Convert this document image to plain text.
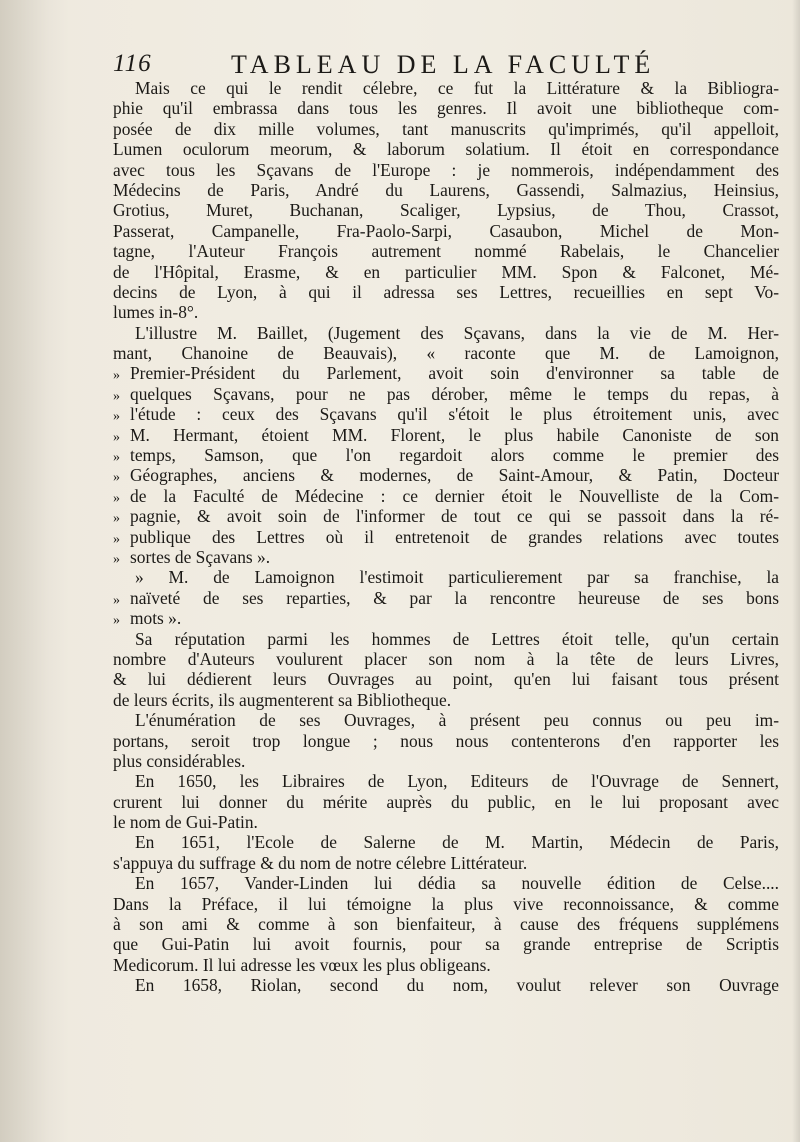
116	TABLEAU DE LA FACULTÉ
Mais ce qui le rendit célebre, ce fut la Littérature & la Bibliogra-
phie qu'il embrassa dans tous les genres. Il avoit une bibliotheque com-
posée de dix mille volumes, tant manuscrits qu'imprimés, qu'il appelloit,
Lumen oculorum meorum, & laborum solatium. Il étoit en correspondance
avec tous les Sçavans de l'Europe : je nommerois, indépendamment des
Médecins de Paris, André du Laurens, Gassendi, Salmazius, Heinsius,
Grotius, Muret, Buchanan, Scaliger, Lypsius, de Thou, Crassot,
Passerat, Campanelle, Fra-Paolo-Sarpi, Casaubon, Michel de Mon-
tagne, l'Auteur François autrement nommé Rabelais, le Chancelier
de l'Hôpital, Erasme, & en particulier MM. Spon & Falconet, Mé-
decins de Lyon, à qui il adressa ses Lettres, recueillies en sept Vo-
lumes in-8°.
L'illustre M. Baillet, (Jugement des Sçavans, dans la vie de M. Her-
mant, Chanoine de Beauvais), « raconte que M. de Lamoignon,
» Premier-Président du Parlement, avoit soin d'environner sa table de
» quelques Sçavans, pour ne pas dérober, même le temps du repas, à
» l'étude : ceux des Sçavans qu'il s'étoit le plus étroitement unis, avec
» M. Hermant, étoient MM. Florent, le plus habile Canoniste de son
» temps, Samson, que l'on regardoit alors comme le premier des
» Géographes, anciens & modernes, de Saint-Amour, & Patin, Docteur
» de la Faculté de Médecine : ce dernier étoit le Nouvelliste de la Com-
» pagnie, & avoit soin de l'informer de tout ce qui se passoit dans la ré-
» publique des Lettres où il entretenoit de grandes relations avec toutes
» sortes de Sçavans ».
» M. de Lamoignon l'estimoit particulierement par sa franchise, la
» naïveté de ses reparties, & par la rencontre heureuse de ses bons
» mots ».
Sa réputation parmi les hommes de Lettres étoit telle, qu'un certain
nombre d'Auteurs voulurent placer son nom à la tête de leurs Livres,
& lui dédierent leurs Ouvrages au point, qu'en lui faisant tous présent
de leurs écrits, ils augmenterent sa Bibliotheque.
L'énumération de ses Ouvrages, à présent peu connus ou peu im-
portans, seroit trop longue ; nous nous contenterons d'en rapporter les
plus considérables.
En 1650, les Libraires de Lyon, Editeurs de l'Ouvrage de Sennert,
crurent lui donner du mérite auprès du public, en le lui proposant avec
le nom de Gui-Patin.
En 1651, l'Ecole de Salerne de M. Martin, Médecin de Paris,
s'appuya du suffrage & du nom de notre célebre Littérateur.
En 1657, Vander-Linden lui dédia sa nouvelle édition de Celse....
Dans la Préface, il lui témoigne la plus vive reconnoissance, & comme
à son ami & comme à son bienfaiteur, à cause des fréquens supplémens
que Gui-Patin lui avoit fournis, pour sa grande entreprise de Scriptis
Medicorum. Il lui adresse les vœux les plus obligeans.
En 1658, Riolan, second du nom, voulut relever son Ouvrage
